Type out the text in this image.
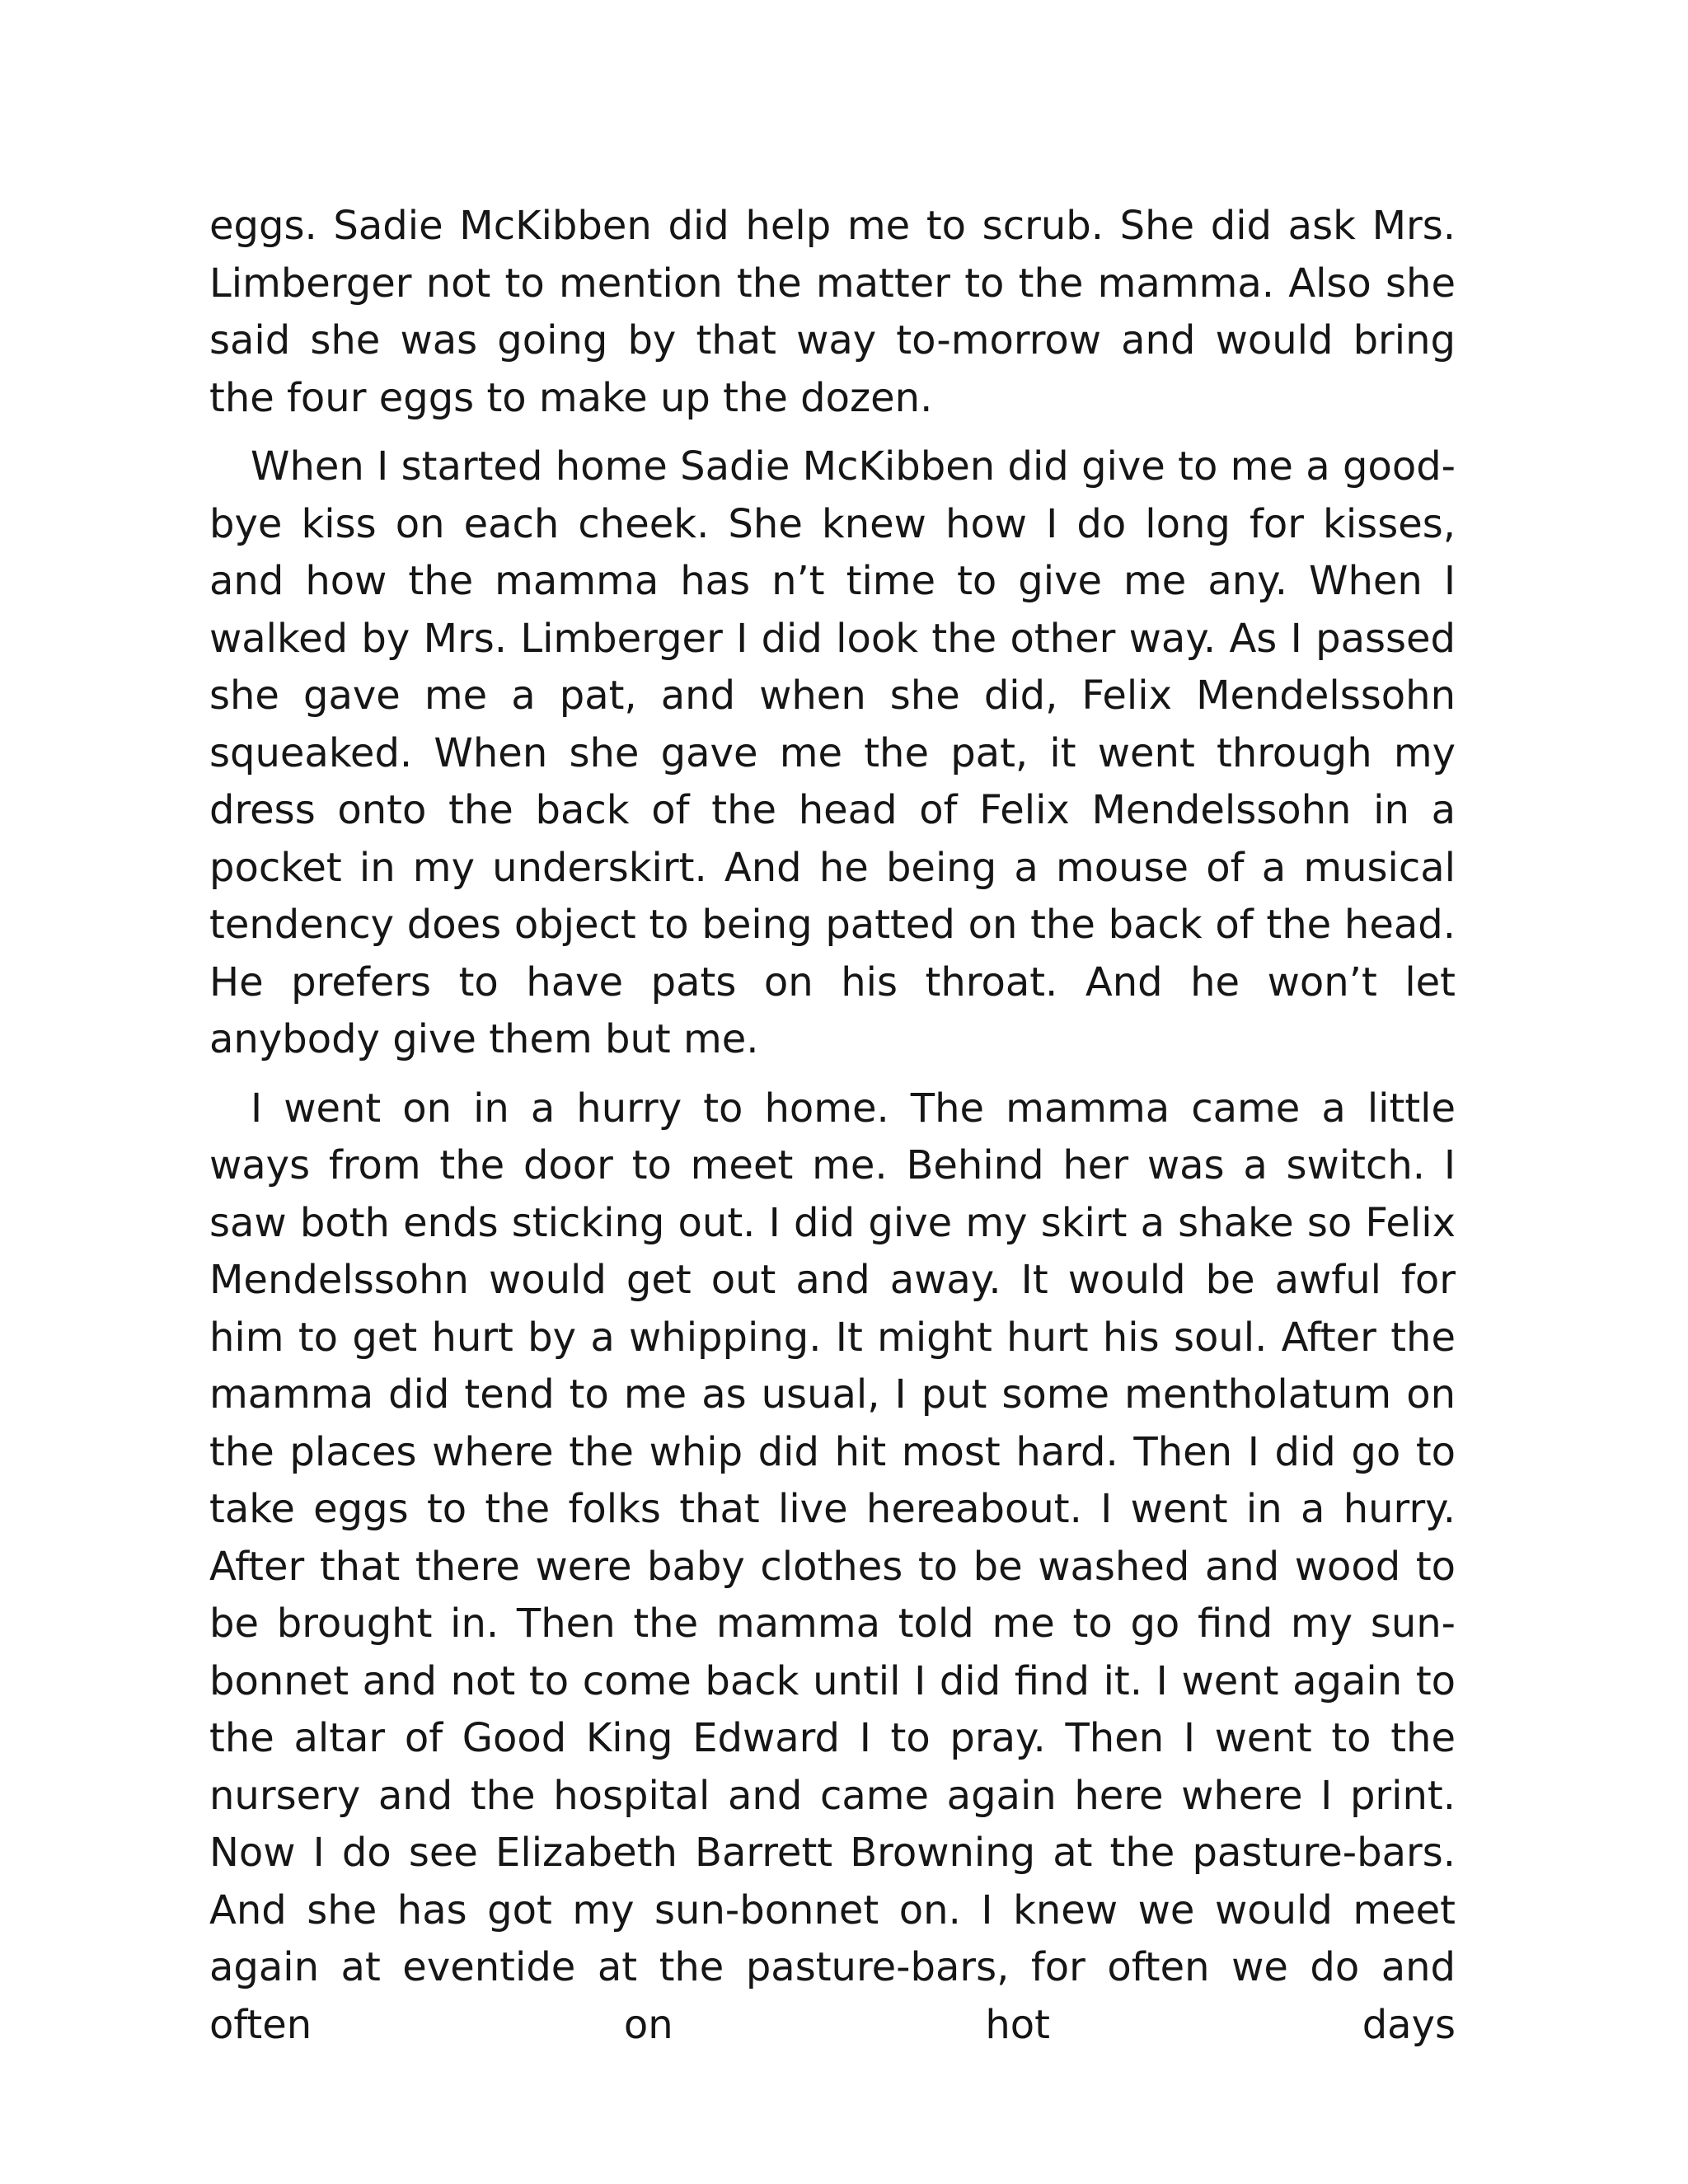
eggs. Sadie McKibben did help me to scrub. She did ask Mrs. Limberger not to mention the matter to the mamma. Also she said she was going by that way to-morrow and would bring the four eggs to make up the dozen.

When I started home Sadie McKibben did give to me a good-bye kiss on each cheek. She knew how I do long for kisses, and how the mamma has n’t time to give me any. When I walked by Mrs. Limberger I did look the other way. As I passed she gave me a pat, and when she did, Felix Mendelssohn squeaked. When she gave me the pat, it went through my dress onto the back of the head of Felix Mendelssohn in a pocket in my underskirt. And he being a mouse of a musical tendency does object to being patted on the back of the head. He prefers to have pats on his throat. And he won’t let anybody give them but me.

I went on in a hurry to home. The mamma came a little ways from the door to meet me. Behind her was a switch. I saw both ends sticking out. I did give my skirt a shake so Felix Mendelssohn would get out and away. It would be awful for him to get hurt by a whipping. It might hurt his soul. After the mamma did tend to me as usual, I put some mentholatum on the places where the whip did hit most hard. Then I did go to take eggs to the folks that live hereabout. I went in a hurry. After that there were baby clothes to be washed and wood to be brought in. Then the mamma told me to go find my sun-bonnet and not to come back until I did find it. I went again to the altar of Good King Edward I to pray. Then I went to the nursery and the hospital and came again here where I print. Now I do see Elizabeth Barrett Browning at the pasture-bars. And she has got my sun-bonnet on. I knew we would meet again at eventide at the pasture-bars, for often we do and often on hot days
